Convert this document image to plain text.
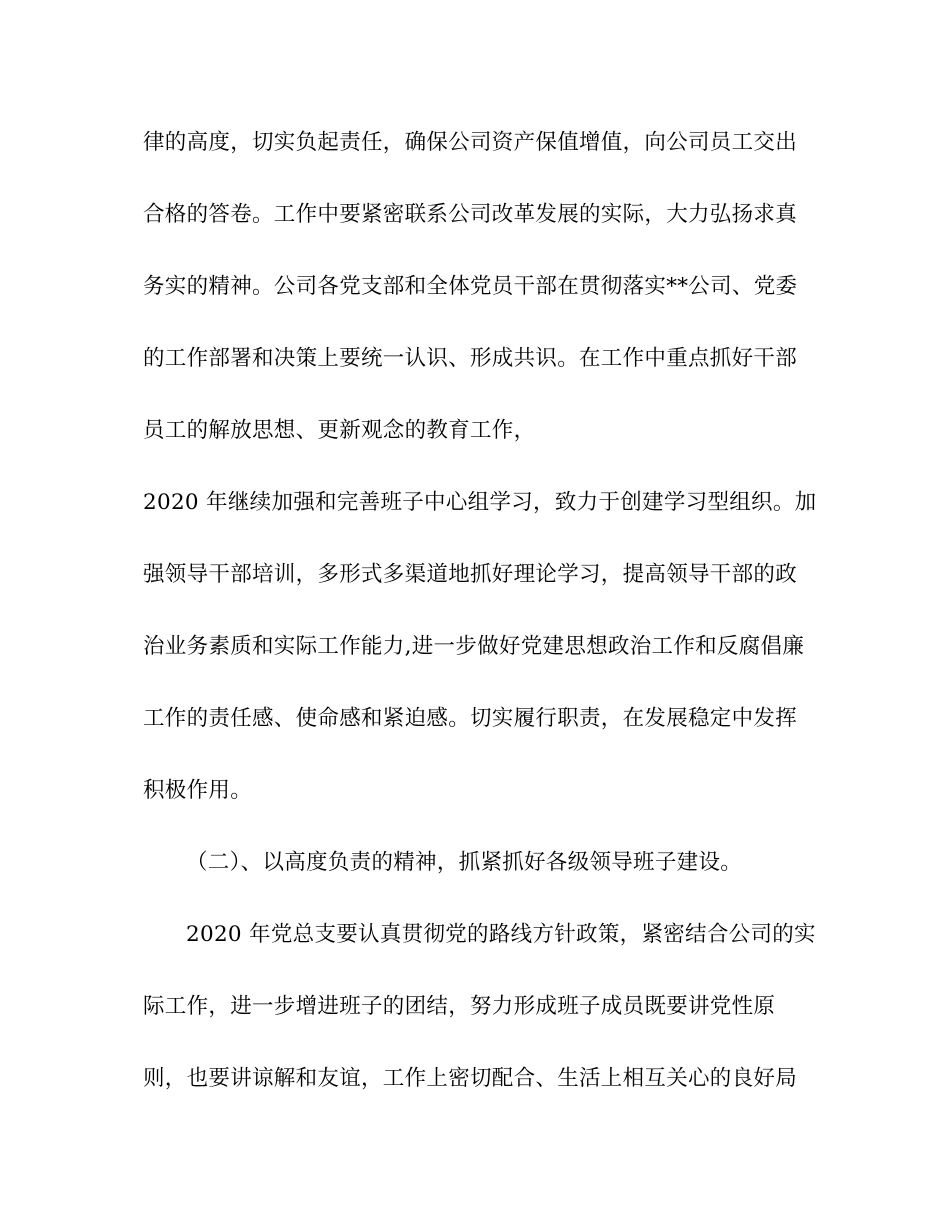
律的高度，切实负起责任，确保公司资产保值增值，向公司员工交出
合格的答卷。工作中要紧密联系公司改革发展的实际，大力弘扬求真
务实的精神。公司各党支部和全体党员干部在贯彻落实**公司、党委
的工作部署和决策上要统一认识、形成共识。在工作中重点抓好干部
员工的解放思想、更新观念的教育工作，
2020 年继续加强和完善班子中心组学习，致力于创建学习型组织。加
强领导干部培训，多形式多渠道地抓好理论学习，提高领导干部的政
治业务素质和实际工作能力,进一步做好党建思想政治工作和反腐倡廉
工作的责任感、使命感和紧迫感。切实履行职责，在发展稳定中发挥
积极作用。
（二）、以高度负责的精神，抓紧抓好各级领导班子建设。
2020 年党总支要认真贯彻党的路线方针政策，紧密结合公司的实
际工作，进一步增进班子的团结，努力形成班子成员既要讲党性原
则，也要讲谅解和友谊，工作上密切配合、生活上相互关心的良好局
